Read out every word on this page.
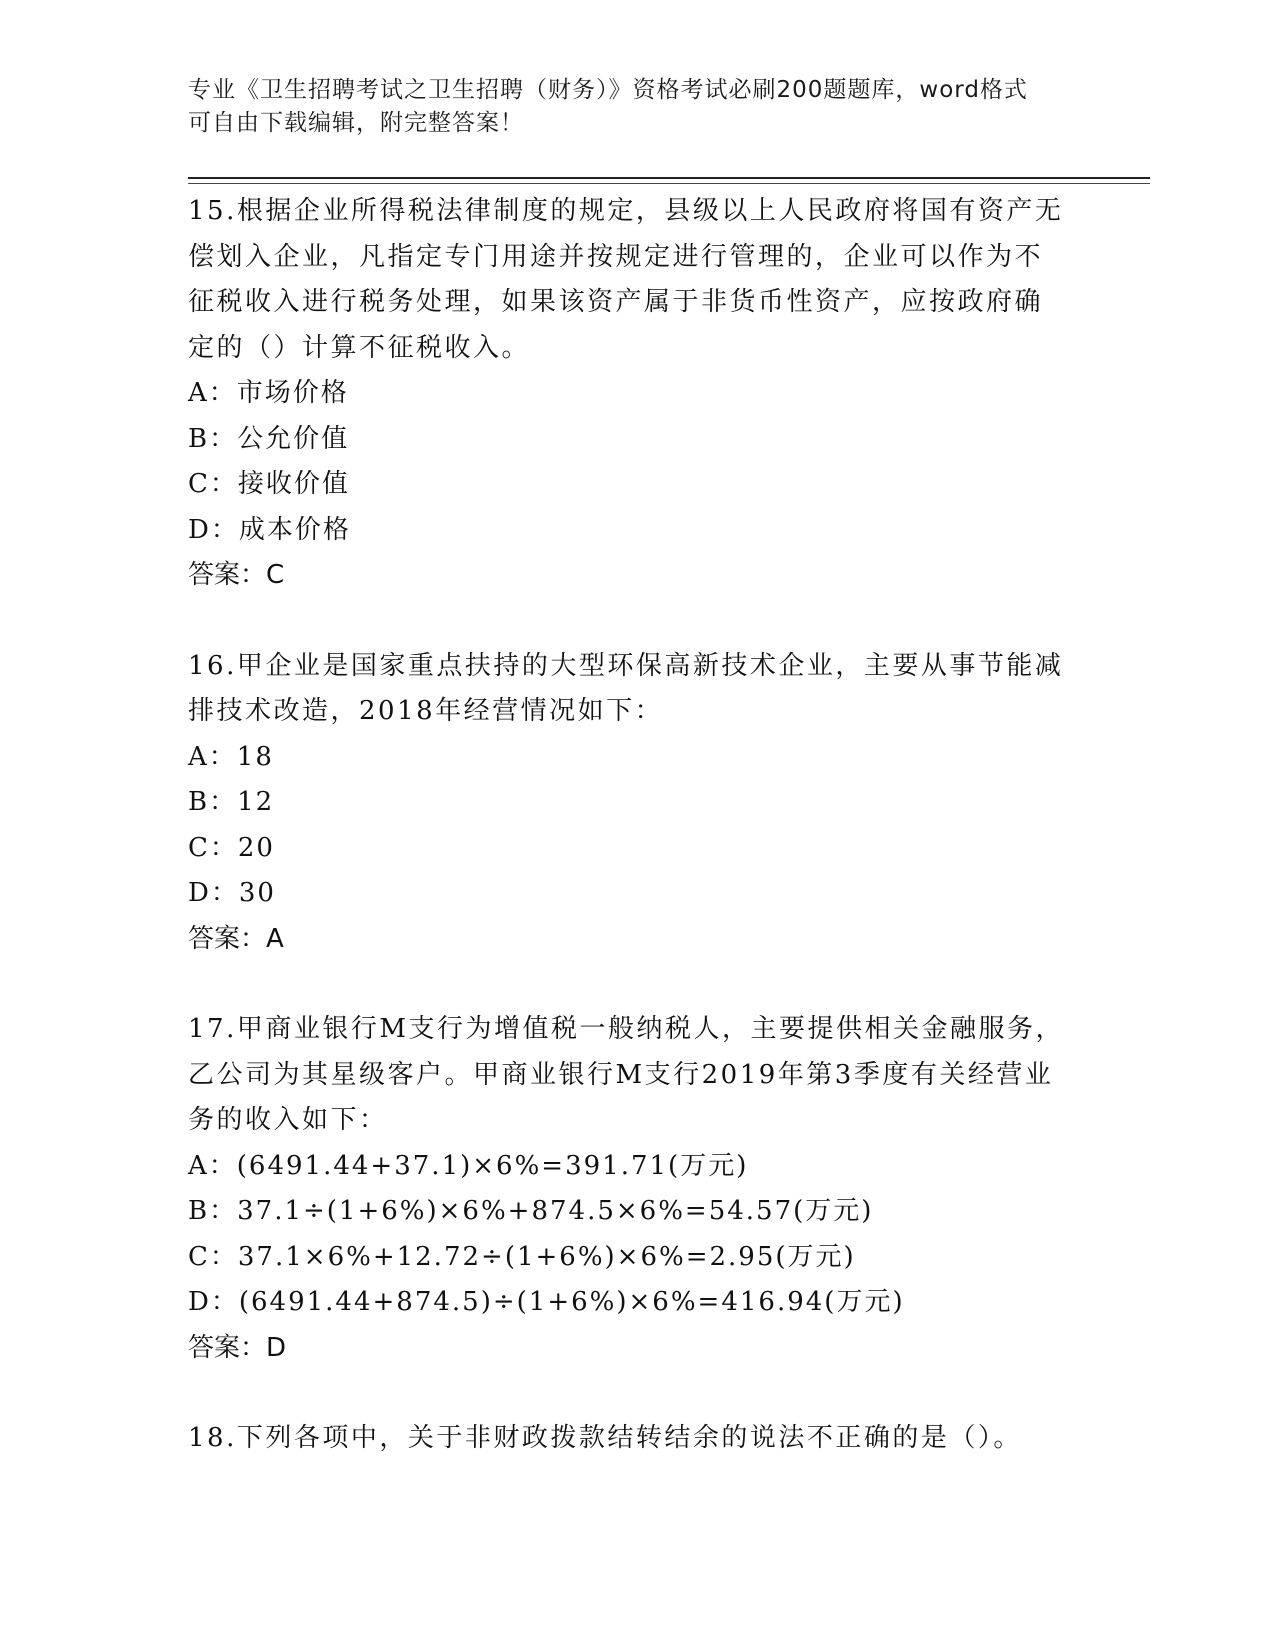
专业《卫生招聘考试之卫生招聘（财务）》资格考试必刷200题题库，word格式
可自由下载编辑，附完整答案！
15.根据企业所得税法律制度的规定，县级以上人民政府将国有资产无
偿划入企业，凡指定专门用途并按规定进行管理的，企业可以作为不
征税收入进行税务处理，如果该资产属于非货币性资产，应按政府确
定的（）计算不征税收入。
A：市场价格
B：公允价值
C：接收价值
D：成本价格
答案：C
16.甲企业是国家重点扶持的大型环保高新技术企业，主要从事节能减
排技术改造，2018年经营情况如下：
A：18
B：12
C：20
D：30
答案：A
17.甲商业银行M支行为增值税一般纳税人，主要提供相关金融服务，
乙公司为其星级客户。甲商业银行M支行2019年第3季度有关经营业
务的收入如下：
A：(6491.44+37.1)×6%=391.71(万元)
B：37.1÷(1+6%)×6%+874.5×6%=54.57(万元)
C：37.1×6%+12.72÷(1+6%)×6%=2.95(万元)
D：(6491.44+874.5)÷(1+6%)×6%=416.94(万元)
答案：D
18.下列各项中，关于非财政拨款结转结余的说法不正确的是（）。
